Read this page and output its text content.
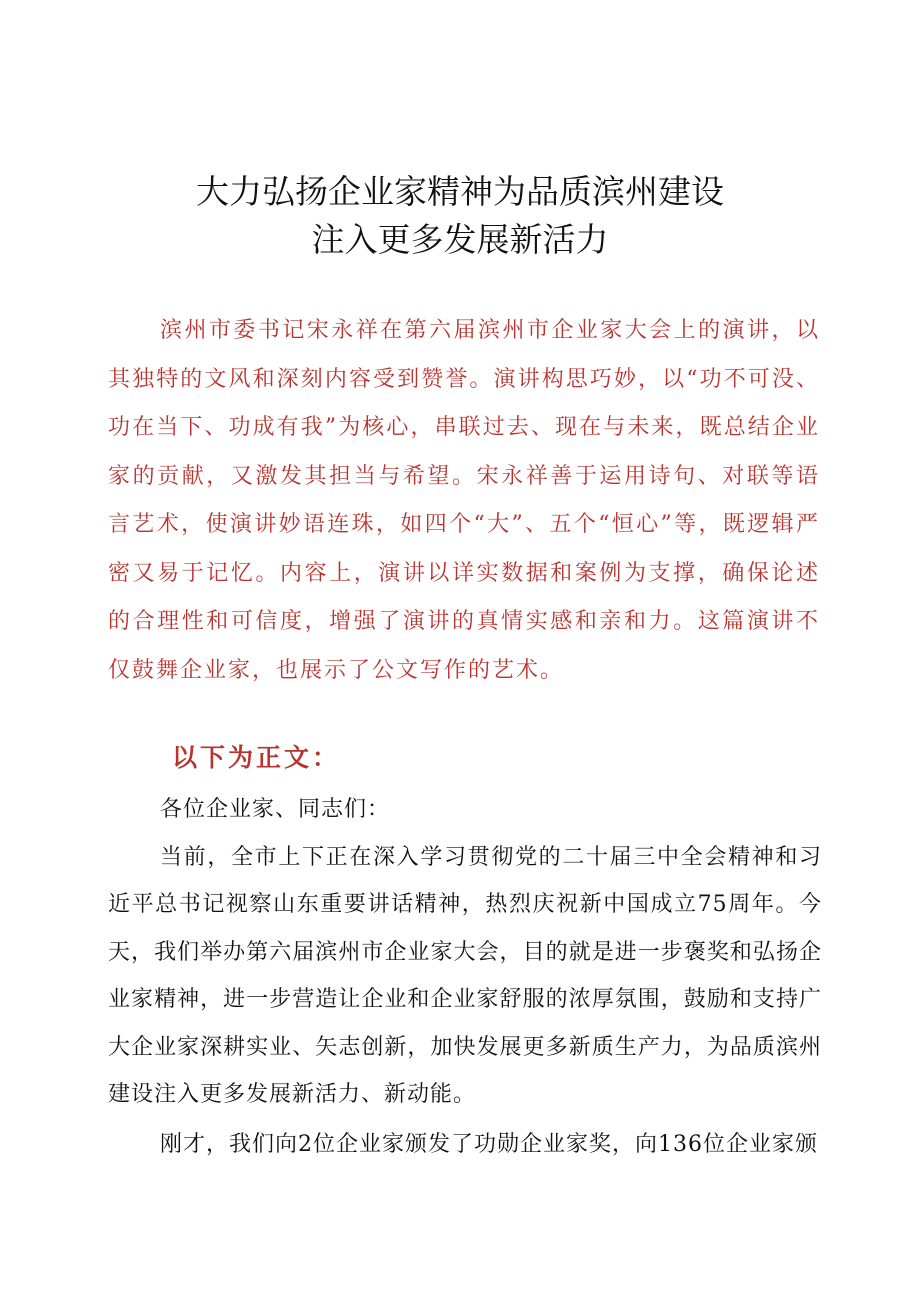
大力弘扬企业家精神为品质滨州建设
注入更多发展新活力

滨州市委书记宋永祥在第六届滨州市企业家大会上的演讲，以其独特的文风和深刻内容受到赞誉。演讲构思巧妙，以“功不可没、功在当下、功成有我”为核心，串联过去、现在与未来，既总结企业家的贡献，又激发其担当与希望。宋永祥善于运用诗句、对联等语言艺术，使演讲妙语连珠，如四个“大”、五个“恒心”等，既逻辑严密又易于记忆。内容上，演讲以详实数据和案例为支撑，确保论述的合理性和可信度，增强了演讲的真情实感和亲和力。这篇演讲不仅鼓舞企业家，也展示了公文写作的艺术。

以下为正文：

各位企业家、同志们：

当前，全市上下正在深入学习贯彻党的二十届三中全会精神和习近平总书记视察山东重要讲话精神，热烈庆祝新中国成立75周年。今天，我们举办第六届滨州市企业家大会，目的就是进一步褒奖和弘扬企业家精神，进一步营造让企业和企业家舒服的浓厚氛围，鼓励和支持广大企业家深耕实业、矢志创新，加快发展更多新质生产力，为品质滨州建设注入更多发展新活力、新动能。

刚才，我们向2位企业家颁发了功勋企业家奖，向136位企业家颁
